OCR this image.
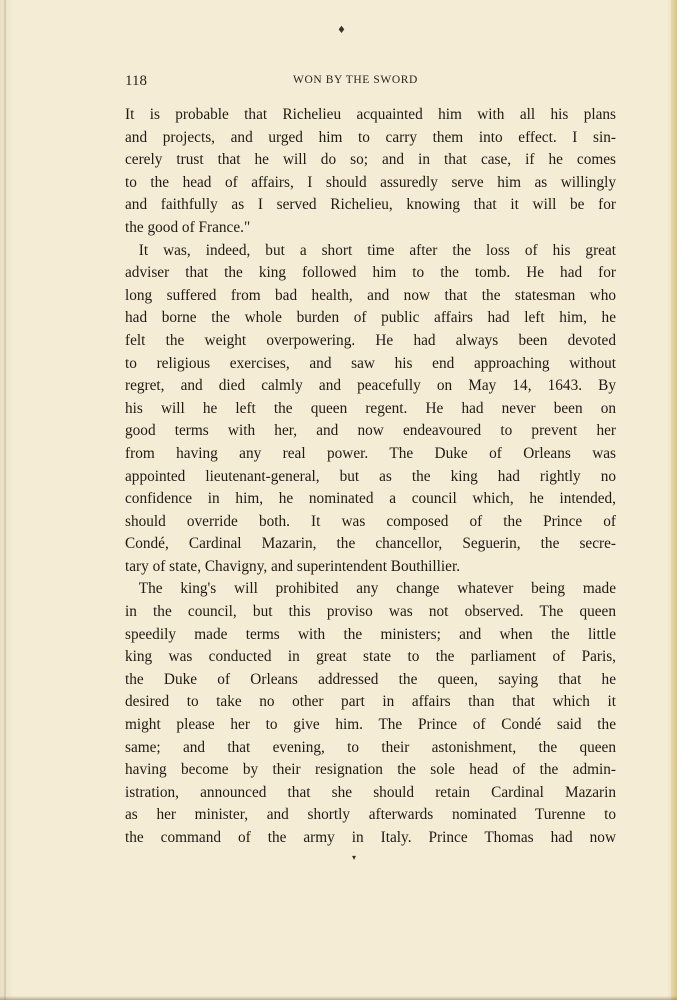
♦
118	WON BY THE SWORD
It is probable that Richelieu acquainted him with all his plans
and projects, and urged him to carry them into effect. I sin-
cerely trust that he will do so; and in that case, if he comes
to the head of affairs, I should assuredly serve him as willingly
and faithfully as I served Richelieu, knowing that it will be for
the good of France."
It was, indeed, but a short time after the loss of his great
adviser that the king followed him to the tomb. He had for
long suffered from bad health, and now that the statesman who
had borne the whole burden of public affairs had left him, he
felt the weight overpowering. He had always been devoted
to religious exercises, and saw his end approaching without
regret, and died calmly and peacefully on May 14, 1643. By
his will he left the queen regent. He had never been on
good terms with her, and now endeavoured to prevent her
from having any real power. The Duke of Orleans was
appointed lieutenant-general, but as the king had rightly no
confidence in him, he nominated a council which, he intended,
should override both. It was composed of the Prince of
Condé, Cardinal Mazarin, the chancellor, Seguerin, the secre-
tary of state, Chavigny, and superintendent Bouthillier.
The king's will prohibited any change whatever being made
in the council, but this proviso was not observed. The queen
speedily made terms with the ministers; and when the little
king was conducted in great state to the parliament of Paris,
the Duke of Orleans addressed the queen, saying that he
desired to take no other part in affairs than that which it
might please her to give him. The Prince of Condé said the
same; and that evening, to their astonishment, the queen
having become by their resignation the sole head of the admin-
istration, announced that she should retain Cardinal Mazarin
as her minister, and shortly afterwards nominated Turenne to
the command of the army in Italy. Prince Thomas had now
▾
